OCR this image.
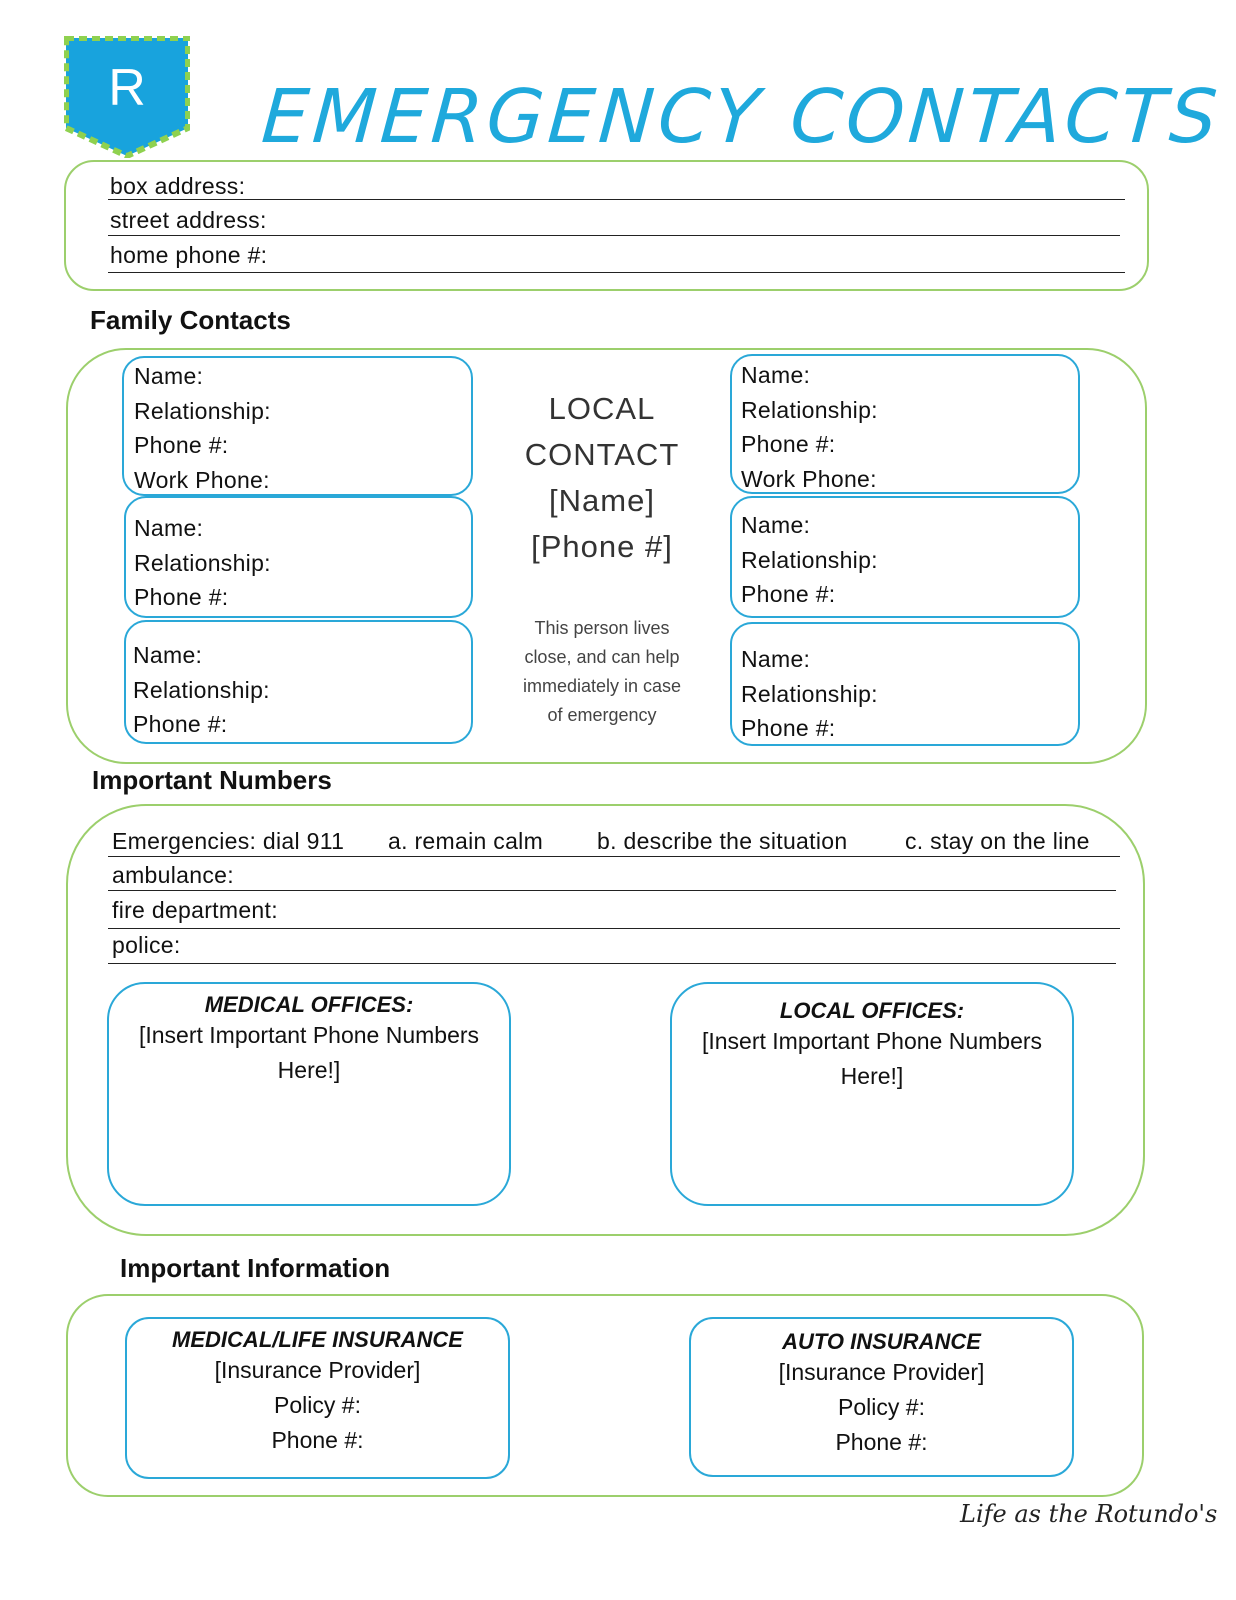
R	EMERGENCY CONTACTS
box address:
street address:
home phone #:
Family Contacts
Name:
Relationship:
Phone #:
Work Phone:
Name:
Relationship:
Phone #:
Name:
Relationship:
Phone #:
LOCAL
CONTACT
[Name]
[Phone #]
This person lives
close, and can help
immediately in case
of emergency
Name:
Relationship:
Phone #:
Work Phone:
Name:
Relationship:
Phone #:
Name:
Relationship:
Phone #:
Important Numbers
Emergencies: dial 911 a. remain calm b. describe the situation	c. stay on the line
ambulance:
fire department:
police:
MEDICAL OFFICES:
[Insert Important Phone Numbers
Here!]
LOCAL OFFICES:
[Insert Important Phone Numbers
Here!]
Important Information
MEDICAL/LIFE INSURANCE
[Insurance Provider]
Policy #:
Phone #:
AUTO INSURANCE
[Insurance Provider]
Policy #:
Phone #:
Life as the Rotundo's
